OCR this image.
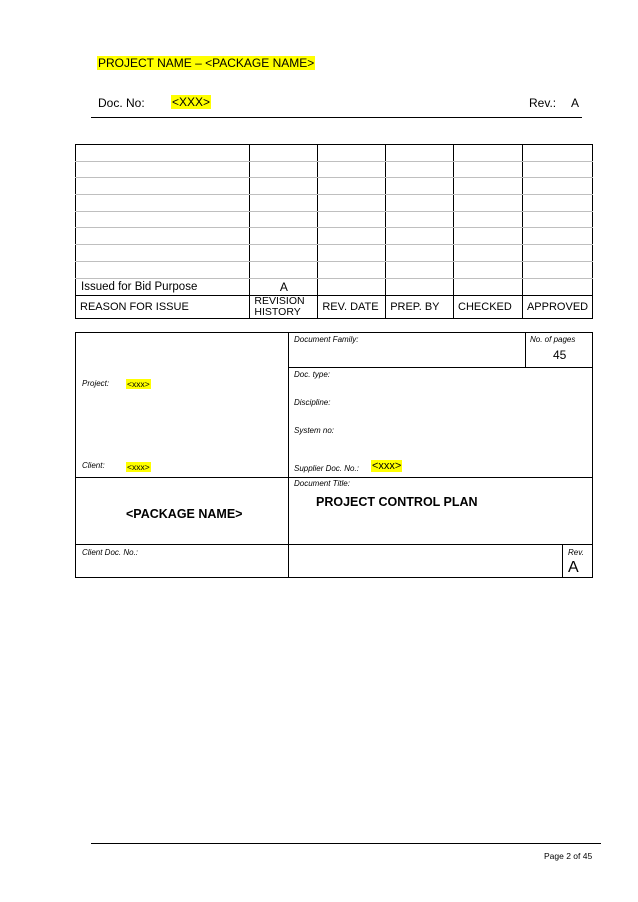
PROJECT NAME – <PACKAGE NAME>
Doc. No: <XXX>	Rev.: A

Issued for Bid Purpose	A				
REASON FOR ISSUE	REVISION HISTORY	REV. DATE	PREP. BY	CHECKED	APPROVED
Document Family:	No. of pages
45
Project: <xxx>
Client:	<xxx>
Doc. type:
Discipline:
System no:
Supplier Doc. No.: <xxx>
Document Title:
<PACKAGE NAME>
PROJECT CONTROL PLAN
Client Doc. No.:	Rev.
A
Page 2 of 45
